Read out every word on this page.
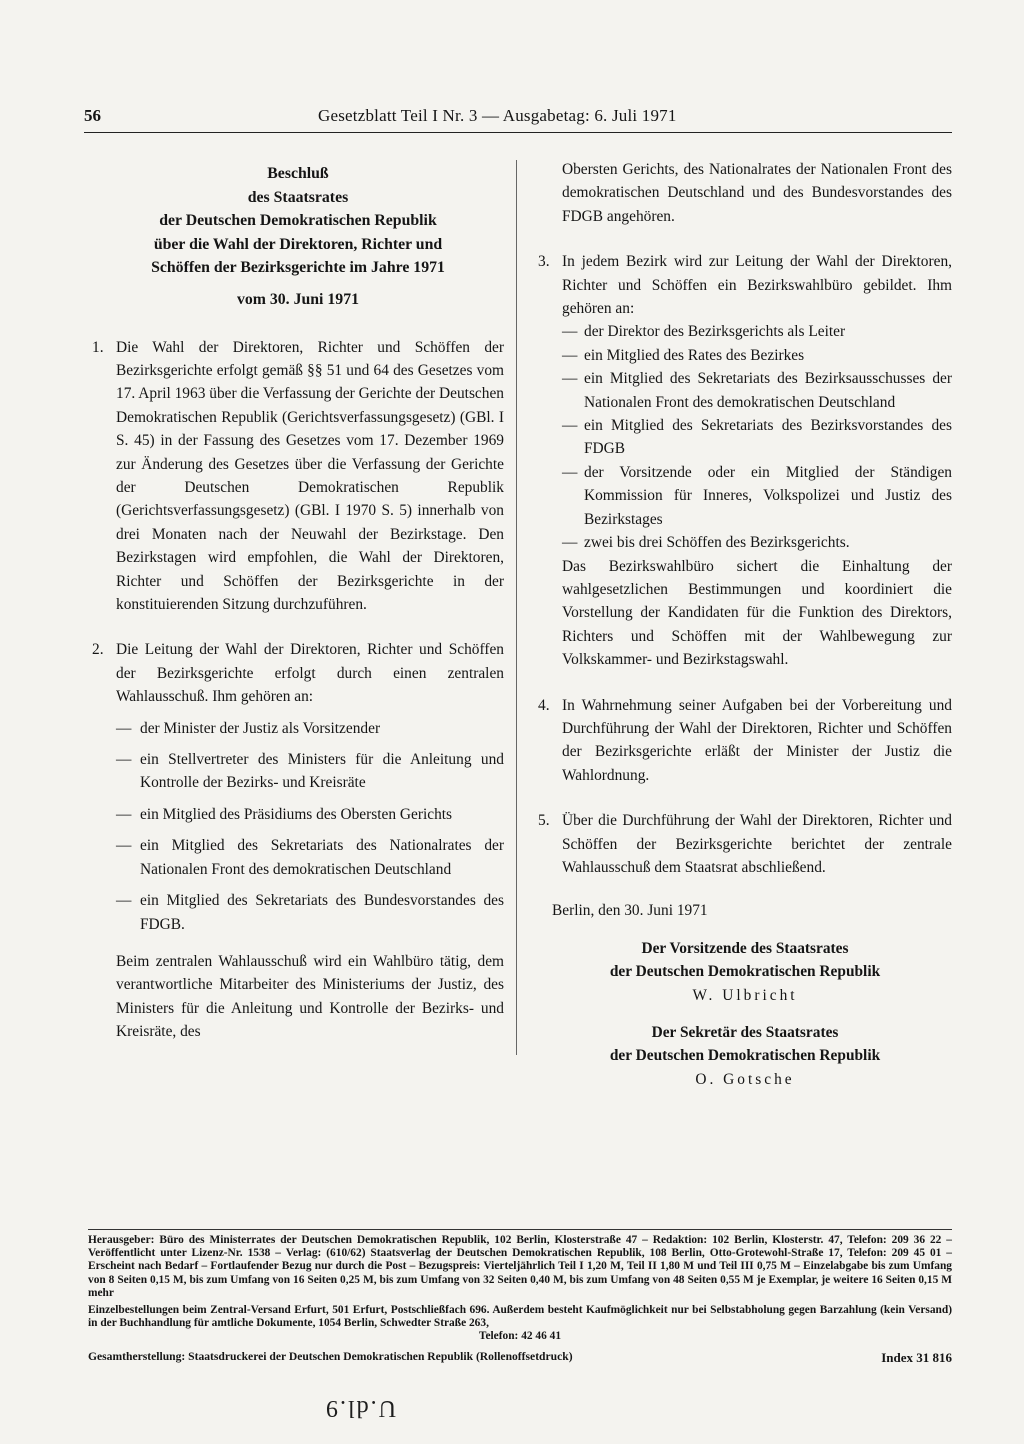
56	Gesetzblatt Teil I Nr. 3 — Ausgabetag: 6. Juli 1971
Beschluß
des Staatsrates
der Deutschen Demokratischen Republik
über die Wahl der Direktoren, Richter und
Schöffen der Bezirksgerichte im Jahre 1971
vom 30. Juni 1971
1. Die Wahl der Direktoren, Richter und Schöffen der Bezirksgerichte erfolgt gemäß §§ 51 und 64 des Gesetzes vom 17. April 1963 über die Verfassung der Gerichte der Deutschen Demokratischen Republik (Gerichtsverfassungsgesetz) (GBl. I S. 45) in der Fassung des Gesetzes vom 17. Dezember 1969 zur Änderung des Gesetzes über die Verfassung der Gerichte der Deutschen Demokratischen Republik (Gerichtsverfassungsgesetz) (GBl. I 1970 S. 5) innerhalb von drei Monaten nach der Neuwahl der Bezirkstage. Den Bezirkstagen wird empfohlen, die Wahl der Direktoren, Richter und Schöffen der Bezirksgerichte in der konstituierenden Sitzung durchzuführen.
2. Die Leitung der Wahl der Direktoren, Richter und Schöffen der Bezirksgerichte erfolgt durch einen zentralen Wahlausschuß. Ihm gehören an:
— der Minister der Justiz als Vorsitzender
— ein Stellvertreter des Ministers für die Anleitung und Kontrolle der Bezirks- und Kreisräte
— ein Mitglied des Präsidiums des Obersten Gerichts
— ein Mitglied des Sekretariats des Nationalrates der Nationalen Front des demokratischen Deutschland
— ein Mitglied des Sekretariats des Bundesvorstandes des FDGB.
Beim zentralen Wahlausschuß wird ein Wahlbüro tätig, dem verantwortliche Mitarbeiter des Ministeriums der Justiz, des Ministers für die Anleitung und Kontrolle der Bezirks- und Kreisräte, des
Obersten Gerichts, des Nationalrates der Nationalen Front des demokratischen Deutschland und des Bundesvorstandes des FDGB angehören.
3. In jedem Bezirk wird zur Leitung der Wahl der Direktoren, Richter und Schöffen ein Bezirkswahlbüro gebildet. Ihm gehören an:
— der Direktor des Bezirksgerichts als Leiter
— ein Mitglied des Rates des Bezirkes
— ein Mitglied des Sekretariats des Bezirksausschusses der Nationalen Front des demokratischen Deutschland
— ein Mitglied des Sekretariats des Bezirksvorstandes des FDGB
— der Vorsitzende oder ein Mitglied der Ständigen Kommission für Inneres, Volkspolizei und Justiz des Bezirkstages
— zwei bis drei Schöffen des Bezirksgerichts.
Das Bezirkswahlbüro sichert die Einhaltung der wahlgesetzlichen Bestimmungen und koordiniert die Vorstellung der Kandidaten für die Funktion des Direktors, Richters und Schöffen mit der Wahlbewegung zur Volkskammer- und Bezirkstagswahl.
4. In Wahrnehmung seiner Aufgaben bei der Vorbereitung und Durchführung der Wahl der Direktoren, Richter und Schöffen der Bezirksgerichte erläßt der Minister der Justiz die Wahlordnung.
5. Über die Durchführung der Wahl der Direktoren, Richter und Schöffen der Bezirksgerichte berichtet der zentrale Wahlausschuß dem Staatsrat abschließend.
Berlin, den 30. Juni 1971
Der Vorsitzende des Staatsrates
der Deutschen Demokratischen Republik
W. Ulbricht
Der Sekretär des Staatsrates
der Deutschen Demokratischen Republik
O. Gotsche
Herausgeber: Büro des Ministerrates der Deutschen Demokratischen Republik, 102 Berlin, Klosterstraße 47 – Redaktion: 102 Berlin, Klosterstr. 47, Telefon: 209 36 22 – Veröffentlicht unter Lizenz-Nr. 1538 – Verlag: (610/62) Staatsverlag der Deutschen Demokratischen Republik, 108 Berlin, Otto-Grotewohl-Straße 17, Telefon: 209 45 01 – Erscheint nach Bedarf – Fortlaufender Bezug nur durch die Post – Bezugspreis: Vierteljährlich Teil I 1,20 M, Teil II 1,80 M und Teil III 0,75 M – Einzelabgabe bis zum Umfang von 8 Seiten 0,15 M, bis zum Umfang von 16 Seiten 0,25 M, bis zum Umfang von 32 Seiten 0,40 M, bis zum Umfang von 48 Seiten 0,55 M je Exemplar, je weitere 16 Seiten 0,15 M mehr
Einzelbestellungen beim Zentral-Versand Erfurt, 501 Erfurt, Postschließfach 696. Außerdem besteht Kaufmöglichkeit nur bei Selbstabholung gegen Barzahlung (kein Versand) in der Buchhandlung für amtliche Dokumente, 1054 Berlin, Schwedter Straße 263,
Telefon: 42 46 41
Gesamtherstellung: Staatsdruckerei der Deutschen Demokratischen Republik (Rollenoffsetdruck)	Index 31 816
U.dl.9
